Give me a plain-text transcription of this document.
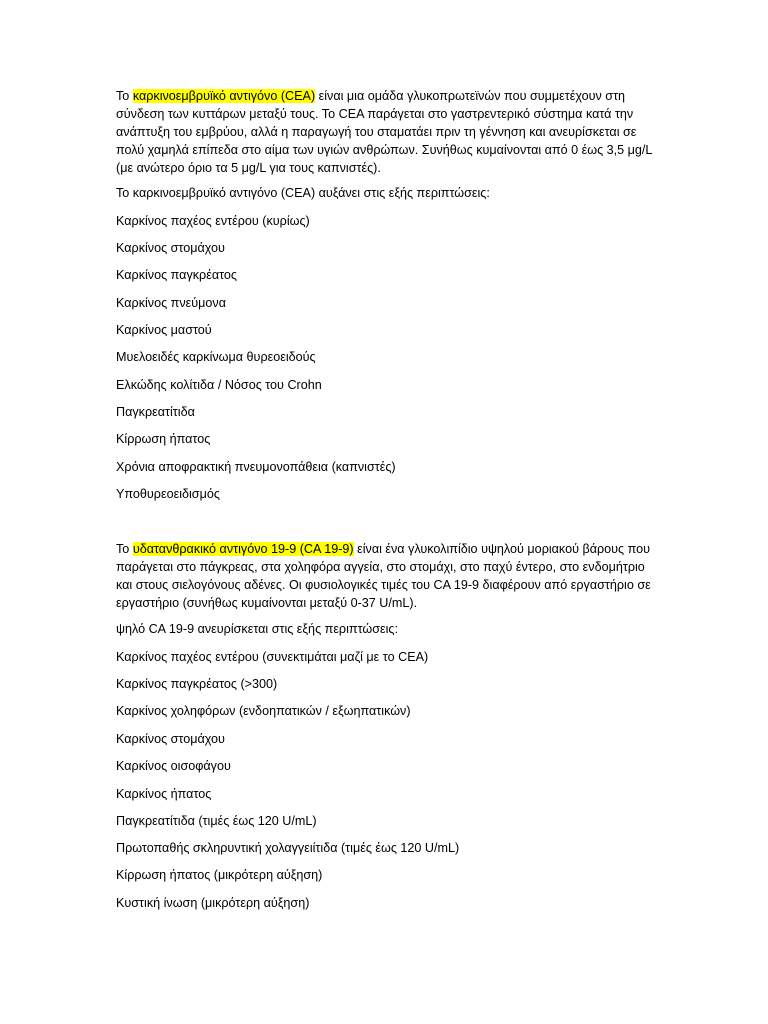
Το καρκινοεμβρυϊκό αντιγόνο (CEA) είναι μια ομάδα γλυκοπρωτεϊνών που συμμετέχουν στη σύνδεση των κυττάρων μεταξύ τους. Το CEA παράγεται στο γαστρεντερικό σύστημα κατά την ανάπτυξη του εμβρύου, αλλά η παραγωγή του σταματάει πριν τη γέννηση και ανευρίσκεται σε πολύ χαμηλά επίπεδα στο αίμα των υγιών ανθρώπων. Συνήθως κυμαίνονται από 0 έως 3,5 μg/L (με ανώτερο όριο τα 5 μg/L για τους καπνιστές).

Το καρκινοεμβρυϊκό αντιγόνο (CEA) αυξάνει στις εξής περιπτώσεις:

Καρκίνος παχέος εντέρου (κυρίως)

Καρκίνος στομάχου

Καρκίνος παγκρέατος

Καρκίνος πνεύμονα

Καρκίνος μαστού

Μυελοειδές καρκίνωμα θυρεοειδούς

Ελκώδης κολίτιδα / Νόσος του Crohn

Παγκρεατίτιδα

Κίρρωση ήπατος

Χρόνια αποφρακτική πνευμονοπάθεια (καπνιστές)

Υποθυρεοειδισμός

Το υδατανθρακικό αντιγόνο 19-9 (CA 19-9) είναι ένα γλυκολιπίδιο υψηλού μοριακού βάρους που παράγεται στο πάγκρεας, στα χοληφόρα αγγεία, στο στομάχι, στο παχύ έντερο, στο ενδομήτριο και στους σιελογόνους αδένες. Οι φυσιολογικές τιμές του CA 19-9 διαφέρουν από εργαστήριο σε εργαστήριο (συνήθως κυμαίνονται μεταξύ 0-37 U/mL).

ψηλό CA 19-9 ανευρίσκεται στις εξής περιπτώσεις:

Καρκίνος παχέος εντέρου (συνεκτιμάται μαζί με το CEA)

Καρκίνος παγκρέατος (>300)

Καρκίνος χοληφόρων (ενδοηπατικών / εξωηπατικών)

Καρκίνος στομάχου

Καρκίνος οισοφάγου

Καρκίνος ήπατος

Παγκρεατίτιδα (τιμές έως 120 U/mL)

Πρωτοπαθής σκληρυντική χολαγγειίτιδα (τιμές έως 120 U/mL)

Κίρρωση ήπατος (μικρότερη αύξηση)

Κυστική ίνωση (μικρότερη αύξηση)
